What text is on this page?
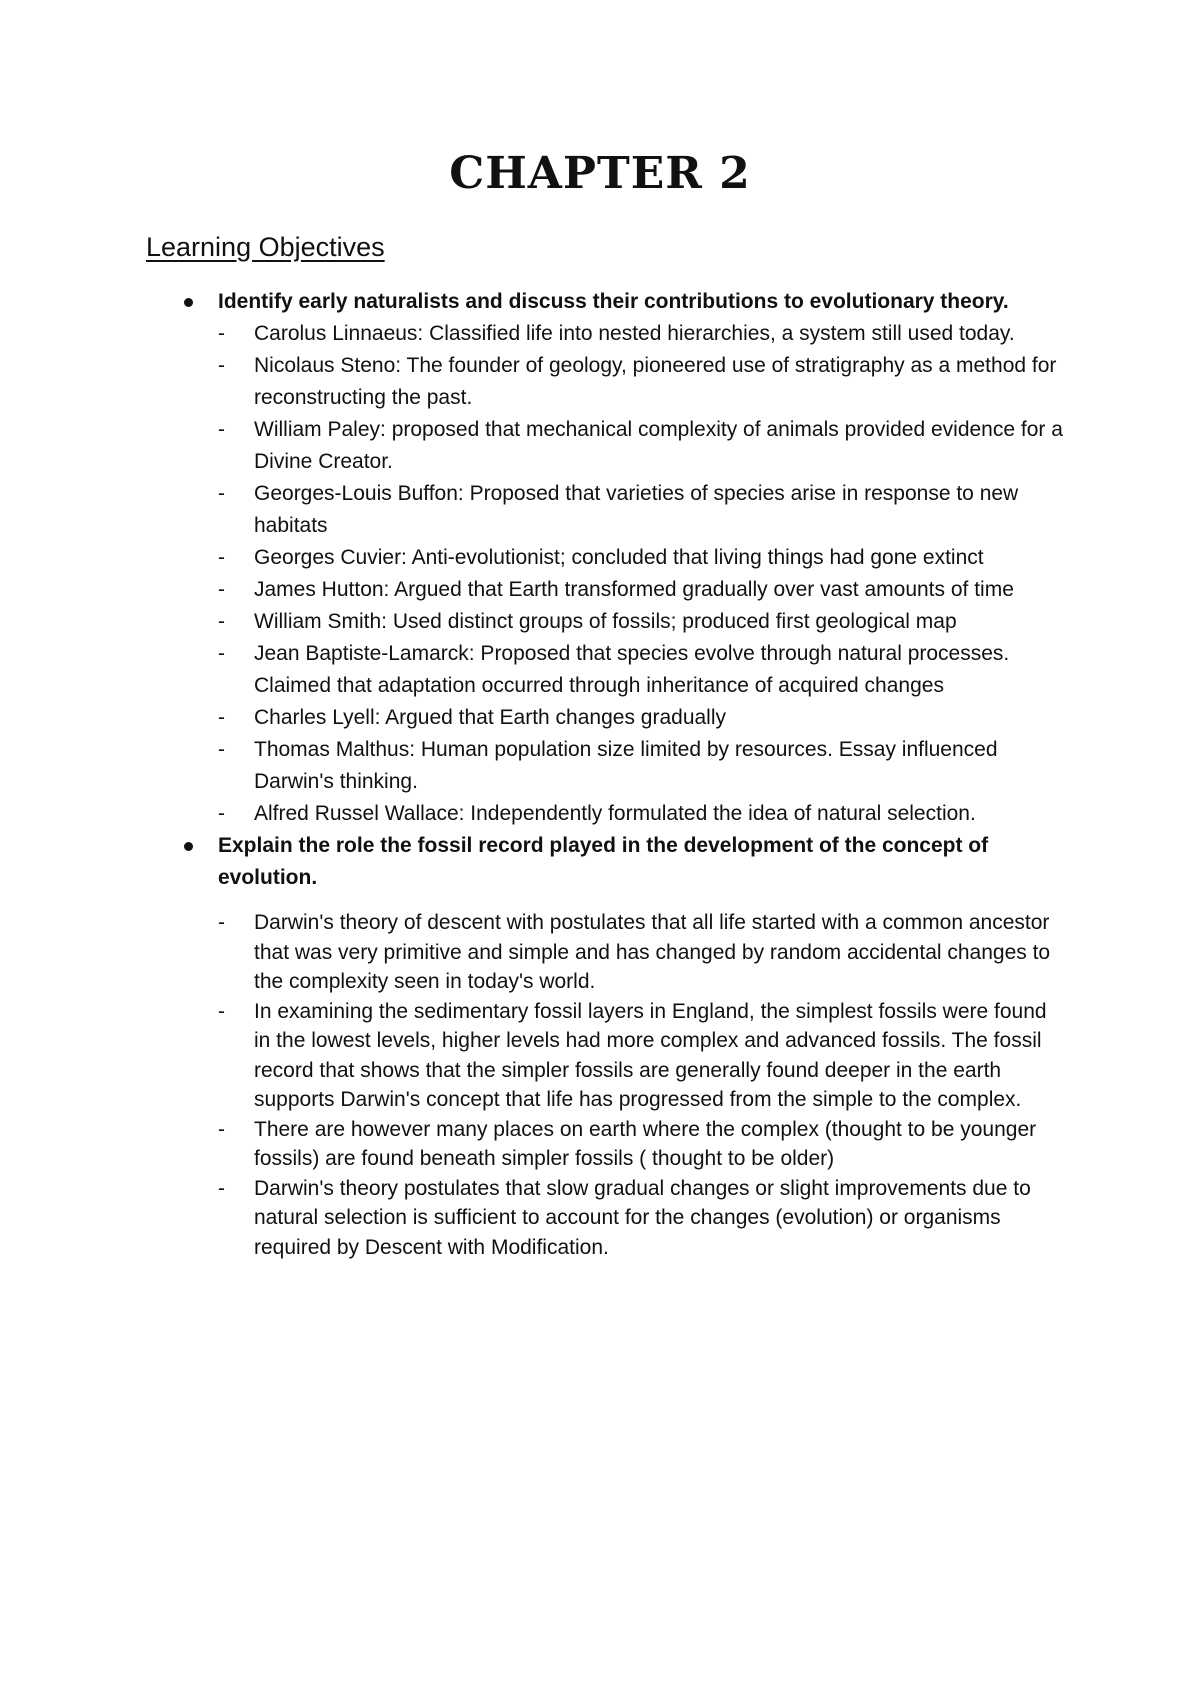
CHAPTER 2
Learning Objectives
Identify early naturalists and discuss their contributions to evolutionary theory.
- Carolus Linnaeus: Classified life into nested hierarchies, a system still used today.
- Nicolaus Steno: The founder of geology, pioneered use of stratigraphy as a method for reconstructing the past.
- William Paley: proposed that mechanical complexity of animals provided evidence for a Divine Creator.
- Georges-Louis Buffon: Proposed that varieties of species arise in response to new habitats
- Georges Cuvier: Anti-evolutionist; concluded that living things had gone extinct
- James Hutton: Argued that Earth transformed gradually over vast amounts of time
- William Smith: Used distinct groups of fossils; produced first geological map
- Jean Baptiste-Lamarck: Proposed that species evolve through natural processes. Claimed that adaptation occurred through inheritance of acquired changes
- Charles Lyell: Argued that Earth changes gradually
- Thomas Malthus: Human population size limited by resources. Essay influenced Darwin's thinking.
- Alfred Russel Wallace: Independently formulated the idea of natural selection.
Explain the role the fossil record played in the development of the concept of evolution.
- Darwin's theory of descent with postulates that all life started with a common ancestor that was very primitive and simple and has changed by random accidental changes to the complexity seen in today's world.
- In examining the sedimentary fossil layers in England, the simplest fossils were found in the lowest levels, higher levels had more complex and advanced fossils. The fossil record that shows that the simpler fossils are generally found deeper in the earth supports Darwin's concept that life has progressed from the simple to the complex.
- There are however many places on earth where the complex (thought to be younger fossils) are found beneath simpler fossils ( thought to be older)
- Darwin's theory postulates that slow gradual changes or slight improvements due to natural selection is sufficient to account for the changes (evolution) or organisms required by Descent with Modification.
